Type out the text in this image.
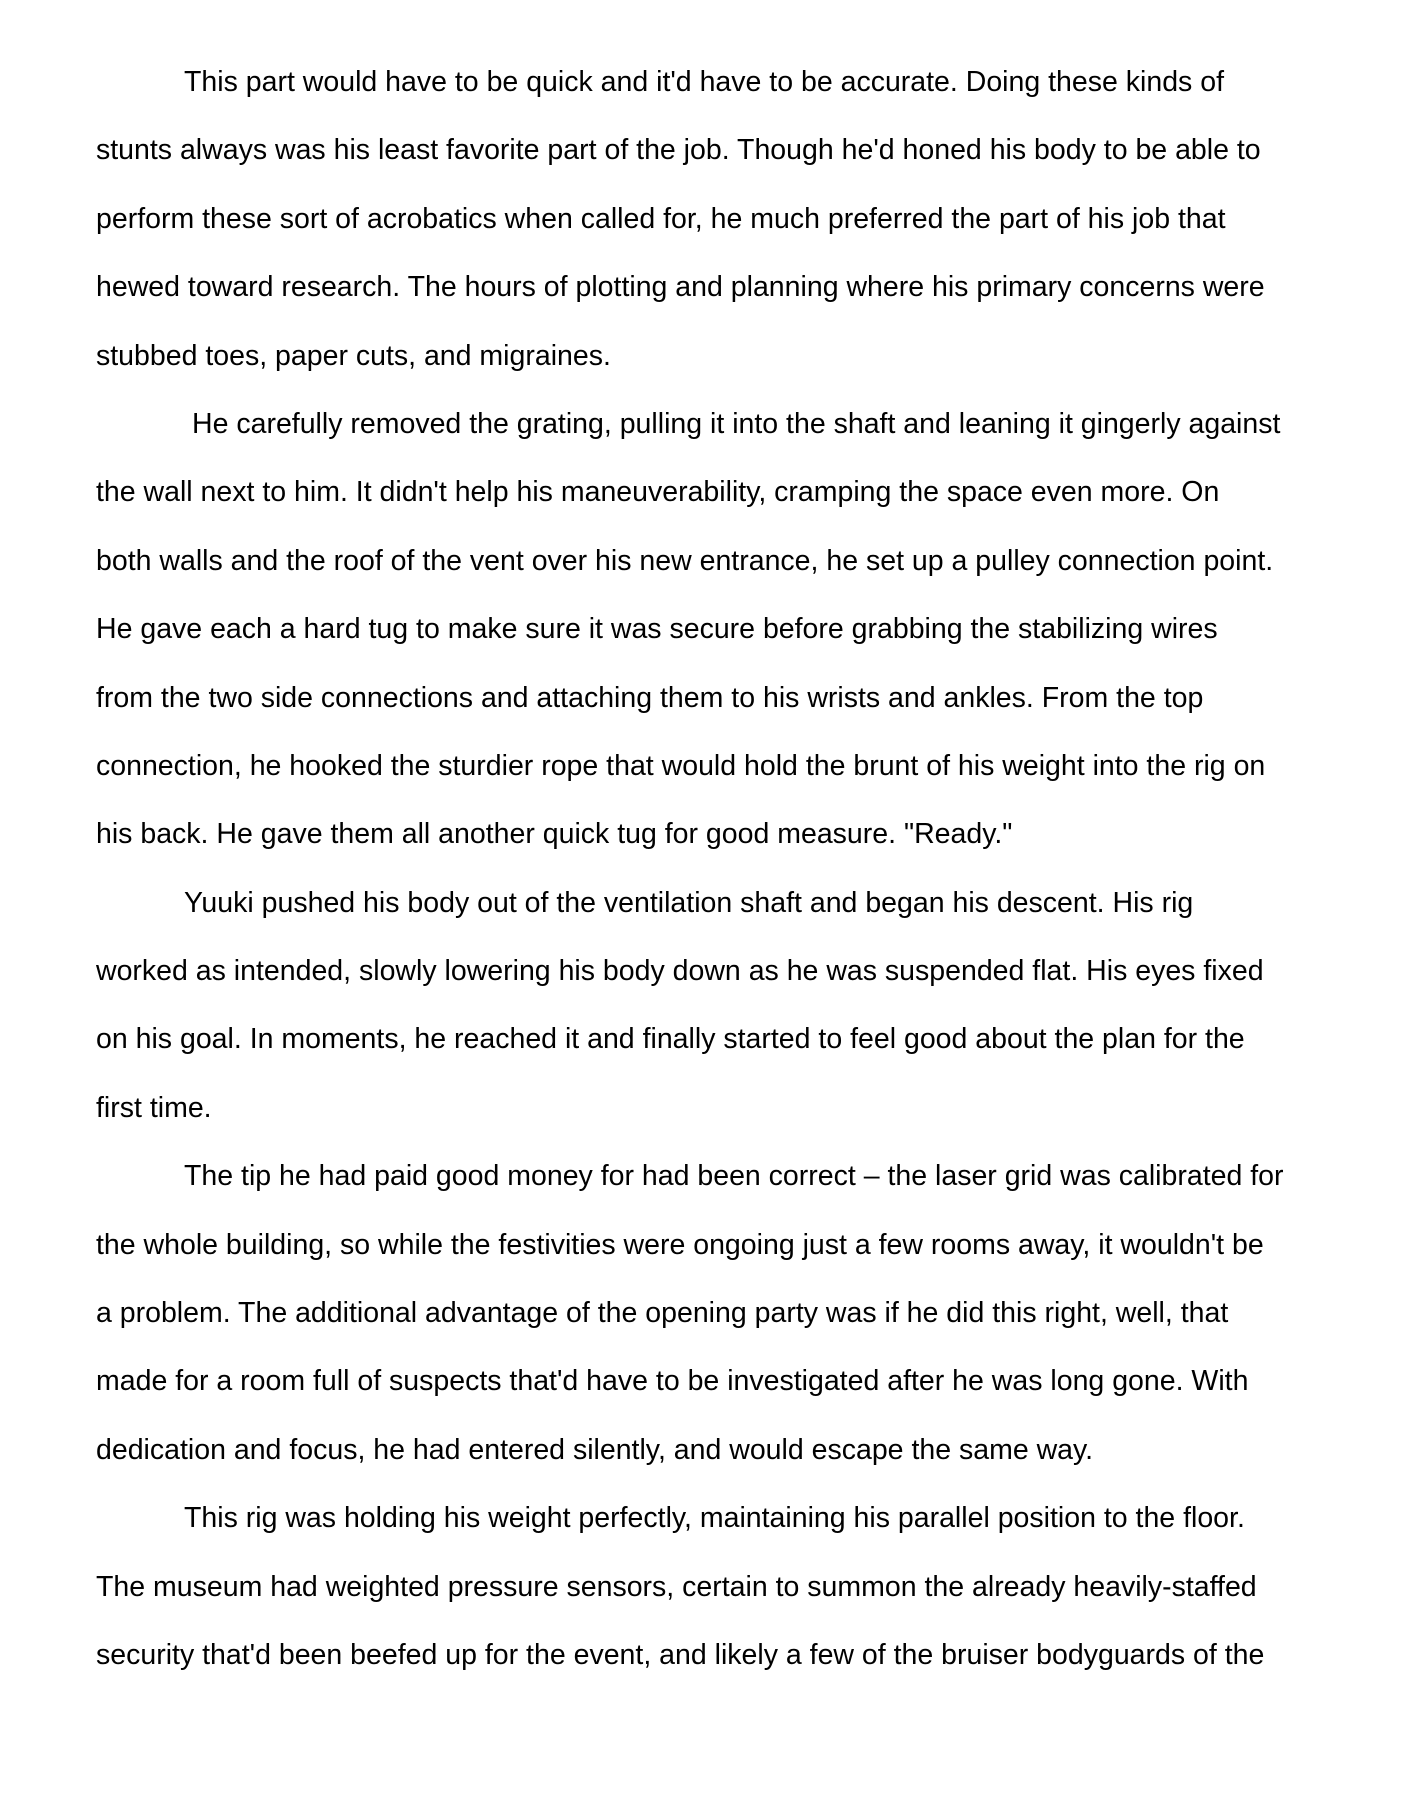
This part would have to be quick and it'd have to be accurate. Doing these kinds of
stunts always was his least favorite part of the job. Though he'd honed his body to be able to
perform these sort of acrobatics when called for, he much preferred the part of his job that
hewed toward research. The hours of plotting and planning where his primary concerns were
stubbed toes, paper cuts, and migraines.
He carefully removed the grating, pulling it into the shaft and leaning it gingerly against
the wall next to him. It didn't help his maneuverability, cramping the space even more. On
both walls and the roof of the vent over his new entrance, he set up a pulley connection point.
He gave each a hard tug to make sure it was secure before grabbing the stabilizing wires
from the two side connections and attaching them to his wrists and ankles. From the top
connection, he hooked the sturdier rope that would hold the brunt of his weight into the rig on
his back. He gave them all another quick tug for good measure. "Ready."
Yuuki pushed his body out of the ventilation shaft and began his descent. His rig
worked as intended, slowly lowering his body down as he was suspended flat. His eyes fixed
on his goal. In moments, he reached it and finally started to feel good about the plan for the
first time.
The tip he had paid good money for had been correct – the laser grid was calibrated for
the whole building, so while the festivities were ongoing just a few rooms away, it wouldn't be
a problem. The additional advantage of the opening party was if he did this right, well, that
made for a room full of suspects that'd have to be investigated after he was long gone. With
dedication and focus, he had entered silently, and would escape the same way.
This rig was holding his weight perfectly, maintaining his parallel position to the floor.
The museum had weighted pressure sensors, certain to summon the already heavily-staffed
security that'd been beefed up for the event, and likely a few of the bruiser bodyguards of the
